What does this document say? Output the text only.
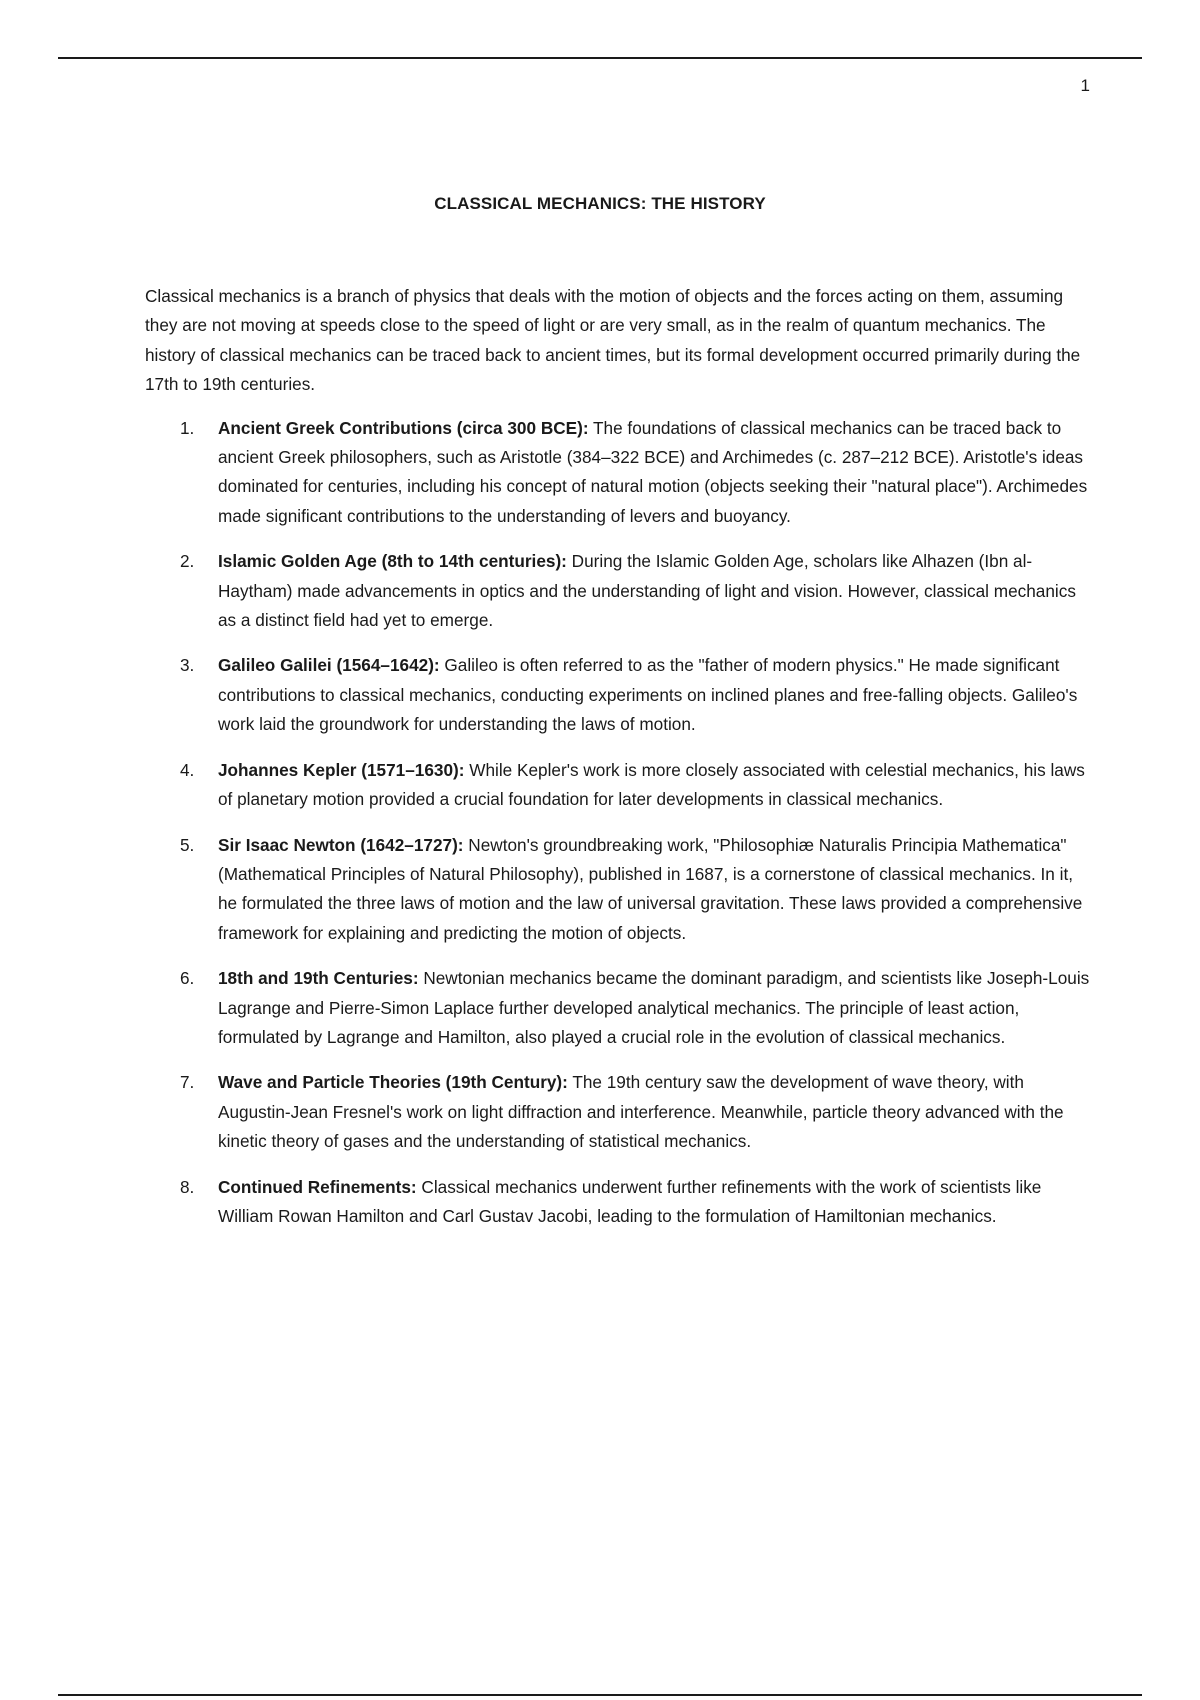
1
CLASSICAL MECHANICS: THE HISTORY

Classical mechanics is a branch of physics that deals with the motion of objects and the forces acting on them, assuming they are not moving at speeds close to the speed of light or are very small, as in the realm of quantum mechanics. The history of classical mechanics can be traced back to ancient times, but its formal development occurred primarily during the 17th to 19th centuries.

1.	Ancient Greek Contributions (circa 300 BCE): The foundations of classical mechanics can be traced back to ancient Greek philosophers, such as Aristotle (384–322 BCE) and Archimedes (c. 287–212 BCE). Aristotle's ideas dominated for centuries, including his concept of natural motion (objects seeking their "natural place"). Archimedes made significant contributions to the understanding of levers and buoyancy.
2.	Islamic Golden Age (8th to 14th centuries): During the Islamic Golden Age, scholars like Alhazen (Ibn al-Haytham) made advancements in optics and the understanding of light and vision. However, classical mechanics as a distinct field had yet to emerge.
3.	Galileo Galilei (1564–1642): Galileo is often referred to as the "father of modern physics." He made significant contributions to classical mechanics, conducting experiments on inclined planes and free-falling objects. Galileo's work laid the groundwork for understanding the laws of motion.
4.	Johannes Kepler (1571–1630): While Kepler's work is more closely associated with celestial mechanics, his laws of planetary motion provided a crucial foundation for later developments in classical mechanics.
5.	Sir Isaac Newton (1642–1727): Newton's groundbreaking work, "Philosophiæ Naturalis Principia Mathematica" (Mathematical Principles of Natural Philosophy), published in 1687, is a cornerstone of classical mechanics. In it, he formulated the three laws of motion and the law of universal gravitation. These laws provided a comprehensive framework for explaining and predicting the motion of objects.
6.	18th and 19th Centuries: Newtonian mechanics became the dominant paradigm, and scientists like Joseph-Louis Lagrange and Pierre-Simon Laplace further developed analytical mechanics. The principle of least action, formulated by Lagrange and Hamilton, also played a crucial role in the evolution of classical mechanics.
7.	Wave and Particle Theories (19th Century): The 19th century saw the development of wave theory, with Augustin-Jean Fresnel's work on light diffraction and interference. Meanwhile, particle theory advanced with the kinetic theory of gases and the understanding of statistical mechanics.
8.	Continued Refinements: Classical mechanics underwent further refinements with the work of scientists like William Rowan Hamilton and Carl Gustav Jacobi, leading to the formulation of Hamiltonian mechanics.
